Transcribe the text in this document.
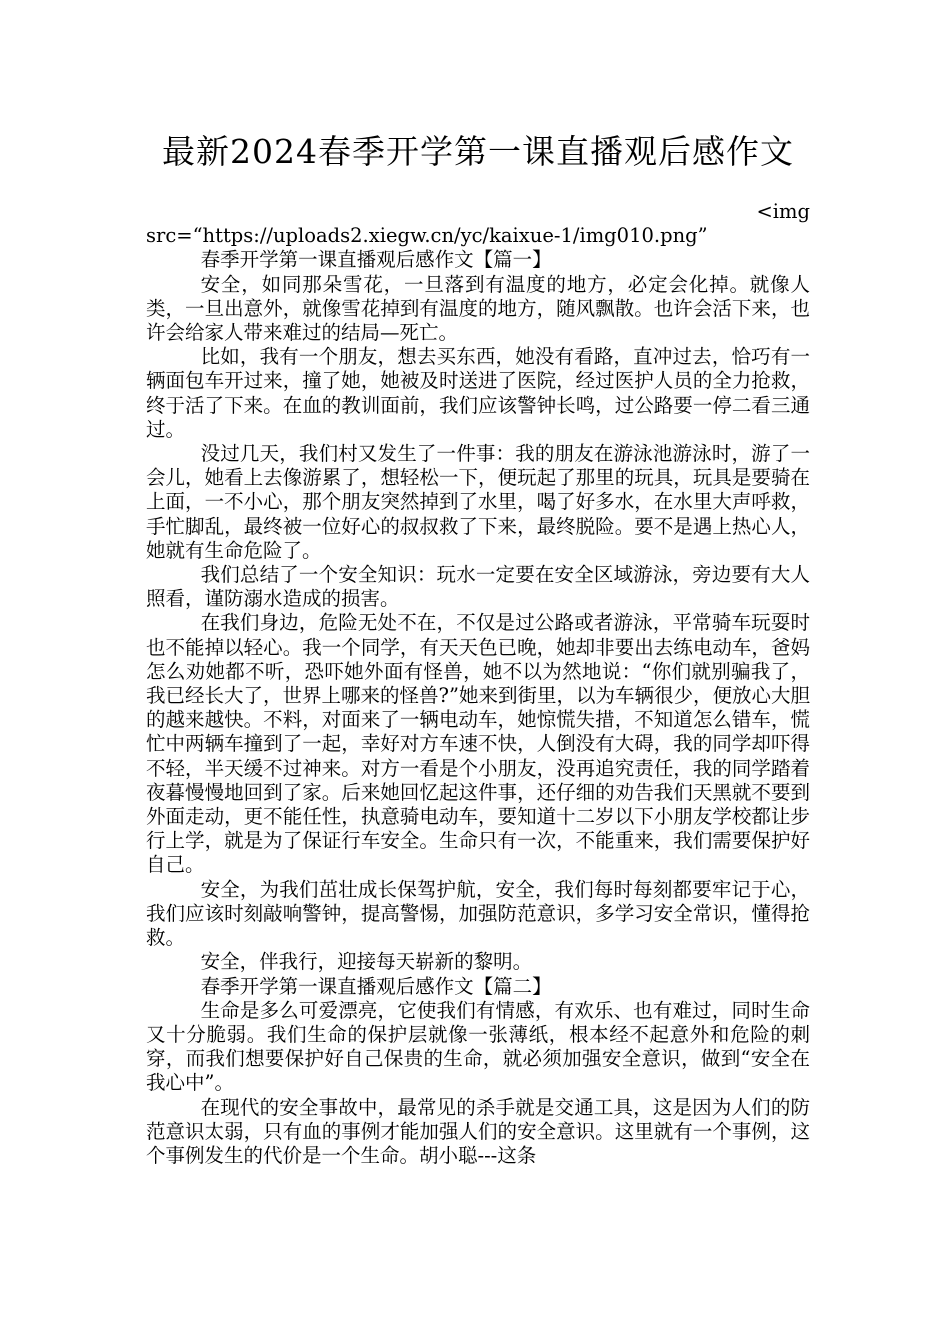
最新2024春季开学第一课直播观后感作文

<img
src=“https://uploads2.xiegw.cn/yc/kaixue-1/img010.png”

春季开学第一课直播观后感作文【篇一】

安全，如同那朵雪花，一旦落到有温度的地方，必定会化掉。就像人类，一旦出意外，就像雪花掉到有温度的地方，随风飘散。也许会活下来，也许会给家人带来难过的结局—死亡。

比如，我有一个朋友，想去买东西，她没有看路，直冲过去，恰巧有一辆面包车开过来，撞了她，她被及时送进了医院，经过医护人员的全力抢救，终于活了下来。在血的教训面前，我们应该警钟长鸣，过公路要一停二看三通过。

没过几天，我们村又发生了一件事：我的朋友在游泳池游泳时，游了一会儿，她看上去像游累了，想轻松一下，便玩起了那里的玩具，玩具是要骑在上面，一不小心，那个朋友突然掉到了水里，喝了好多水，在水里大声呼救，手忙脚乱，最终被一位好心的叔叔救了下来，最终脱险。要不是遇上热心人，她就有生命危险了。

我们总结了一个安全知识：玩水一定要在安全区域游泳，旁边要有大人照看，谨防溺水造成的损害。

在我们身边，危险无处不在，不仅是过公路或者游泳，平常骑车玩耍时也不能掉以轻心。我一个同学，有天天色已晚，她却非要出去练电动车，爸妈怎么劝她都不听，恐吓她外面有怪兽，她不以为然地说：“你们就别骗我了，我已经长大了，世界上哪来的怪兽?”她来到街里，以为车辆很少，便放心大胆的越来越快。不料，对面来了一辆电动车，她惊慌失措，不知道怎么错车，慌忙中两辆车撞到了一起，幸好对方车速不快，人倒没有大碍，我的同学却吓得不轻，半天缓不过神来。对方一看是个小朋友，没再追究责任，我的同学踏着夜暮慢慢地回到了家。后来她回忆起这件事，还仔细的劝告我们天黑就不要到外面走动，更不能任性，执意骑电动车，要知道十二岁以下小朋友学校都让步行上学，就是为了保证行车安全。生命只有一次，不能重来，我们需要保护好自己。

安全，为我们茁壮成长保驾护航，安全，我们每时每刻都要牢记于心，我们应该时刻敲响警钟，提高警惕，加强防范意识，多学习安全常识，懂得抢救。

安全，伴我行，迎接每天崭新的黎明。

春季开学第一课直播观后感作文【篇二】

生命是多么可爱漂亮，它使我们有情感，有欢乐、也有难过，同时生命又十分脆弱。我们生命的保护层就像一张薄纸，根本经不起意外和危险的刺穿，而我们想要保护好自己保贵的生命，就必须加强安全意识，做到“安全在我心中”。

在现代的安全事故中，最常见的杀手就是交通工具，这是因为人们的防范意识太弱，只有血的事例才能加强人们的安全意识。这里就有一个事例，这个事例发生的代价是一个生命。胡小聪---这条
